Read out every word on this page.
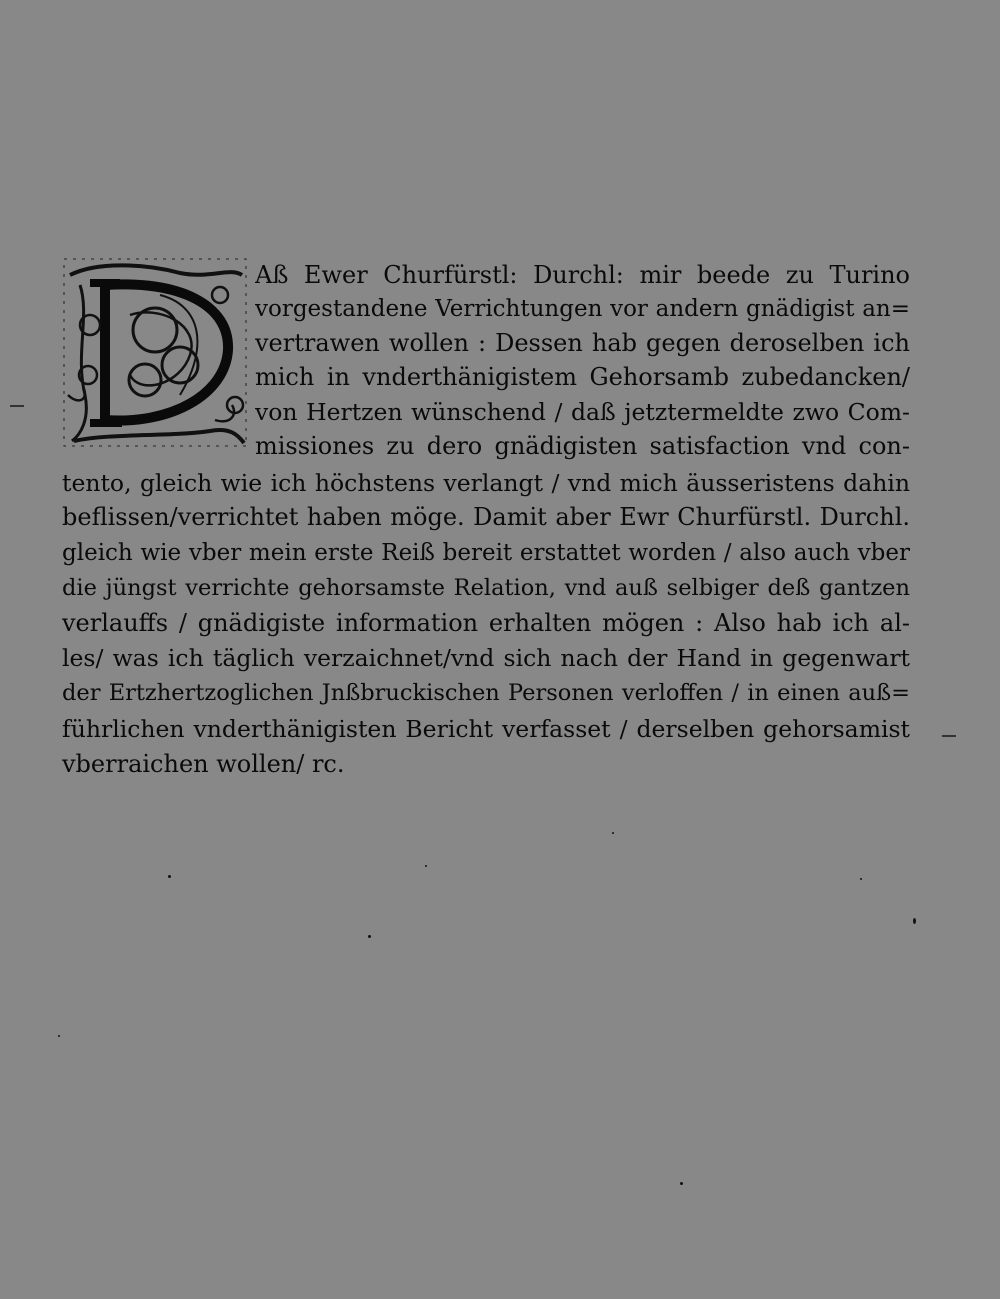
Aß Ewer Churfürstl: Durchl: mir beede zu Turino
vorgestandene Verrichtungen vor andern gnädigist an=
vertrawen wollen : Dessen hab gegen deroselben ich
mich in vnderthänigistem Gehorsamb zubedancken/
von Hertzen wünschend / daß jetztermeldte zwo Com-
missiones zu dero gnädigisten satisfaction vnd con-
tento, gleich wie ich höchstens verlangt / vnd mich äusseristens dahin
beflissen/verrichtet haben möge. Damit aber Ewr Churfürstl. Durchl.
gleich wie vber mein erste Reiß bereit erstattet worden / also auch vber
die jüngst verrichte gehorsamste Relation, vnd auß selbiger deß gantzen
verlauffs / gnädigiste information erhalten mögen : Also hab ich al-
les/ was ich täglich verzaichnet/vnd sich nach der Hand in gegenwart
der Ertzhertzoglichen Jnßbruckischen Personen verloffen / in einen auß=
führlichen vnderthänigisten Bericht verfasset / derselben gehorsamist
vberraichen wollen/ rc.
